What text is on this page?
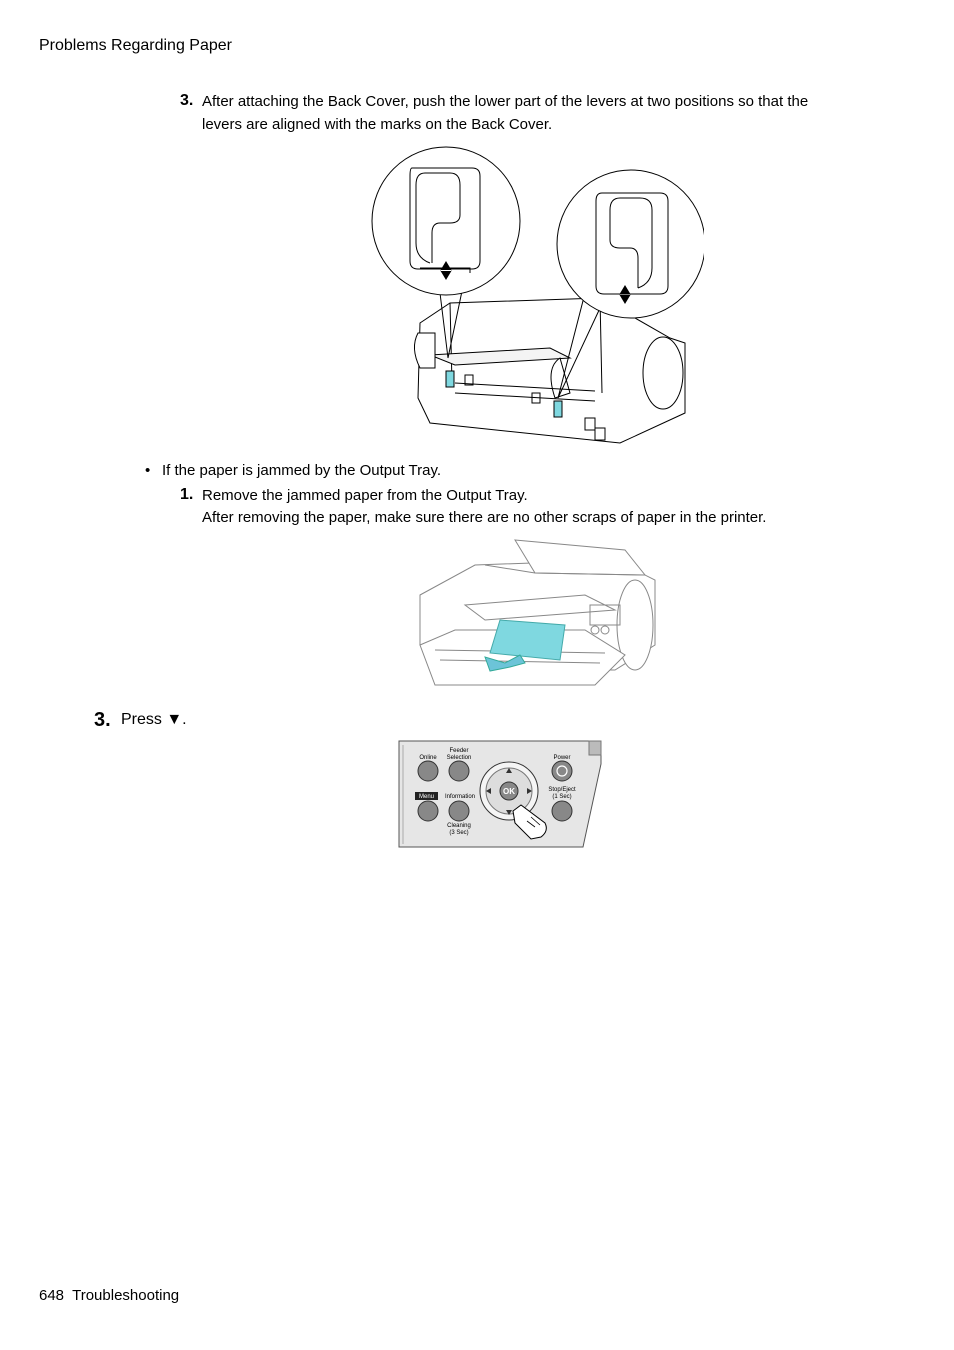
Problems Regarding Paper
3. After attaching the Back Cover, push the lower part of the levers at two positions so that the
levers are aligned with the marks on the Back Cover.
• If the paper is jammed by the Output Tray.
1. Remove the jammed paper from the Output Tray.
After removing the paper, make sure there are no other scraps of paper in the printer.
3. Press ▼.
Online
Feeder
Selection	Power
Menu Information
Stop/Eject
(1 Sec)
Cleaning
(3 Sec)
OK
648 Troubleshooting
